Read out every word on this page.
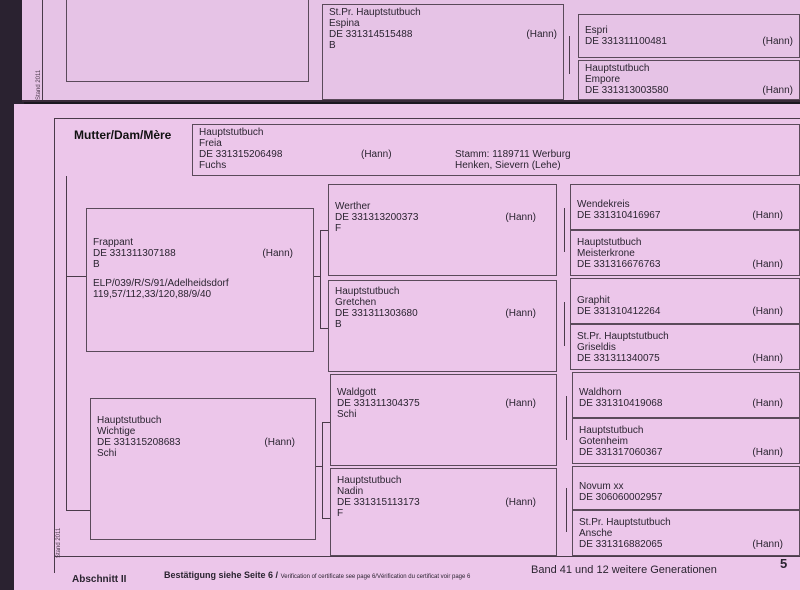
Stand 2011
St.Pr. Hauptstutbuch
Espina
DE 331314515488	(Hann)
B
Espri
DE 331311100481	(Hann)
Hauptstutbuch
Empore
DE 331313003580	(Hann)
Mutter/Dam/Mère	Hauptstutbuch
Freia
DE 331315206498	(Hann)	Stamm: 1189711 Werburg
Fuchs	Henken, Sievern (Lehe)
Frappant
DE 331311307188	(Hann)
B
ELP/039/R/S/91/Adelheidsdorf
119,57/112,33/120,88/9/40
Hauptstutbuch
Wichtige
DE 331315208683	(Hann)
Schi
Werther
DE 331313200373	(Hann)
F
Hauptstutbuch
Gretchen
DE 331311303680	(Hann)
B
Waldgott
DE 331311304375	(Hann)
Schi
Hauptstutbuch
Nadin
DE 331315113173	(Hann)
F
Wendekreis
DE 331310416967	(Hann)
Hauptstutbuch
Meisterkrone
DE 331316676763	(Hann)
Graphit
DE 331310412264	(Hann)
St.Pr. Hauptstutbuch
Griseldis
DE 331311340075	(Hann)
Waldhorn
DE 331310419068	(Hann)
Hauptstutbuch
Gotenheim
DE 331317060367	(Hann)
Novum xx
DE 306060002957
St.Pr. Hauptstutbuch
Ansche
DE 331316882065	(Hann)
Stand 2011
Abschnitt II	Bestätigung siehe Seite 6 / Verification of certificate see page 6/Vérification du certificat voir page 6
Band 41 und 12 weitere Generationen	5
